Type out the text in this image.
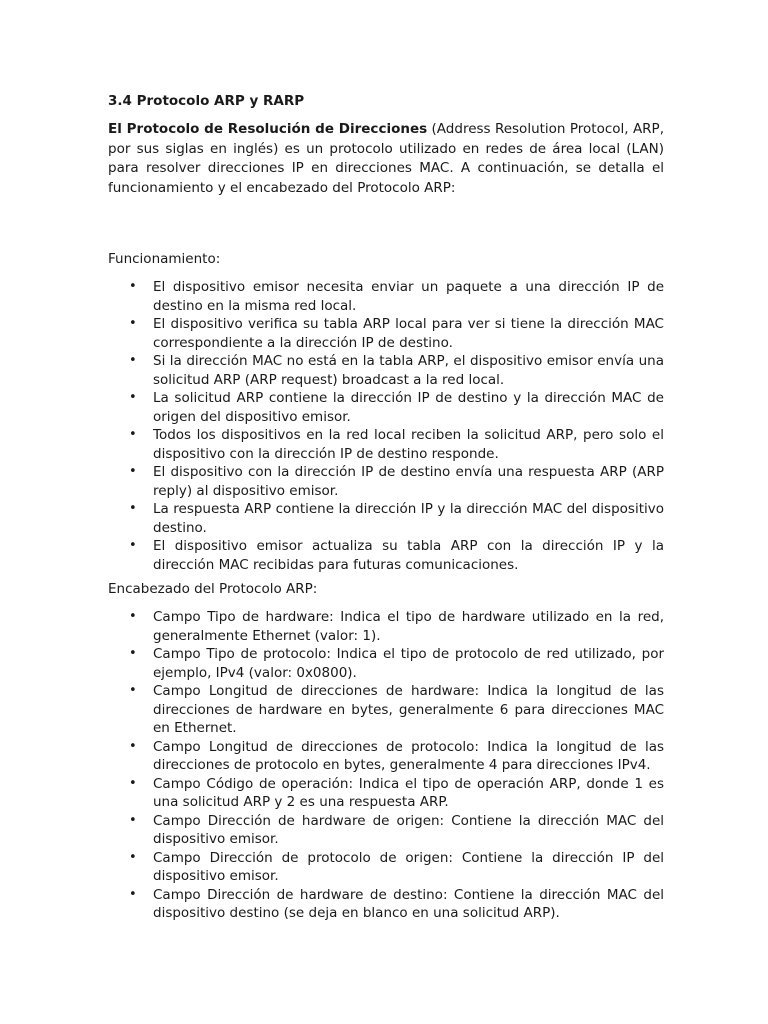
3.4 Protocolo ARP y RARP

El Protocolo de Resolución de Direcciones (Address Resolution Protocol, ARP, por sus siglas en inglés) es un protocolo utilizado en redes de área local (LAN) para resolver direcciones IP en direcciones MAC. A continuación, se detalla el funcionamiento y el encabezado del Protocolo ARP:

Funcionamiento:

• El dispositivo emisor necesita enviar un paquete a una dirección IP de destino en la misma red local.
• El dispositivo verifica su tabla ARP local para ver si tiene la dirección MAC correspondiente a la dirección IP de destino.
• Si la dirección MAC no está en la tabla ARP, el dispositivo emisor envía una solicitud ARP (ARP request) broadcast a la red local.
• La solicitud ARP contiene la dirección IP de destino y la dirección MAC de origen del dispositivo emisor.
• Todos los dispositivos en la red local reciben la solicitud ARP, pero solo el dispositivo con la dirección IP de destino responde.
• El dispositivo con la dirección IP de destino envía una respuesta ARP (ARP reply) al dispositivo emisor.
• La respuesta ARP contiene la dirección IP y la dirección MAC del dispositivo destino.
• El dispositivo emisor actualiza su tabla ARP con la dirección IP y la dirección MAC recibidas para futuras comunicaciones.

Encabezado del Protocolo ARP:

• Campo Tipo de hardware: Indica el tipo de hardware utilizado en la red, generalmente Ethernet (valor: 1).
• Campo Tipo de protocolo: Indica el tipo de protocolo de red utilizado, por ejemplo, IPv4 (valor: 0x0800).
• Campo Longitud de direcciones de hardware: Indica la longitud de las direcciones de hardware en bytes, generalmente 6 para direcciones MAC en Ethernet.
• Campo Longitud de direcciones de protocolo: Indica la longitud de las direcciones de protocolo en bytes, generalmente 4 para direcciones IPv4.
• Campo Código de operación: Indica el tipo de operación ARP, donde 1 es una solicitud ARP y 2 es una respuesta ARP.
• Campo Dirección de hardware de origen: Contiene la dirección MAC del dispositivo emisor.
• Campo Dirección de protocolo de origen: Contiene la dirección IP del dispositivo emisor.
• Campo Dirección de hardware de destino: Contiene la dirección MAC del dispositivo destino (se deja en blanco en una solicitud ARP).
